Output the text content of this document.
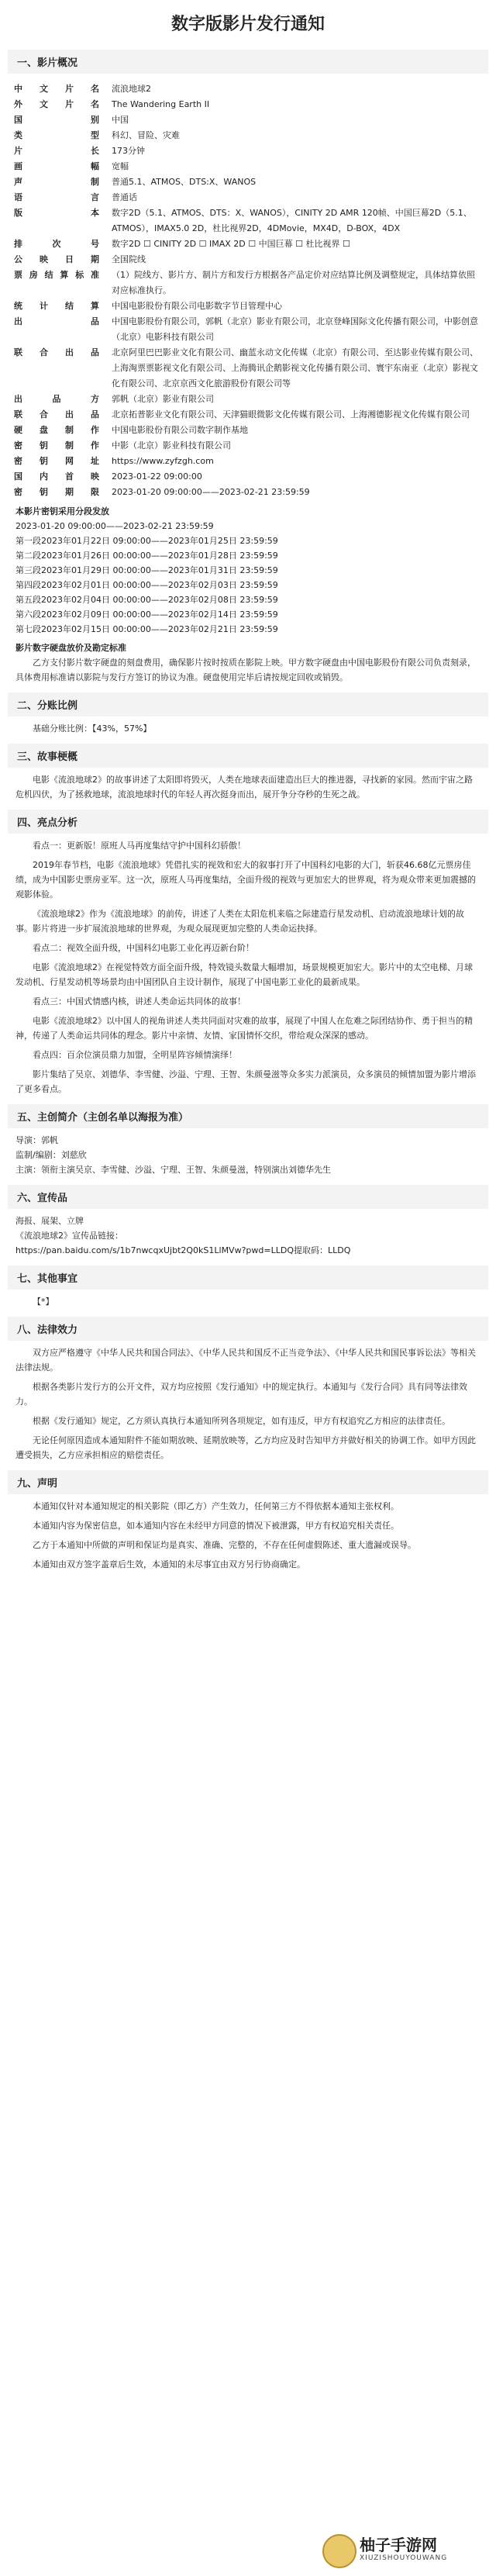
数字版影片发行通知
一、影片概况
中 文 片 名	流浪地球2
外 文 片 名	The Wandering Earth II
国 别	中国
类 型	科幻、冒险、灾难
片 长	173分钟
画 幅	宽幅
声 制	普通5.1、ATMOS、DTS:X、WANOS
语 言	普通话
版 本	数字2D（5.1、ATMOS、DTS：X、WANOS），CINITY 2D AMR 120帧、中国巨幕2D（5.1、ATMOS），IMAX5.0 2D，杜比视界2D，4DMovie，MX4D，D-BOX，4DX
排 次 号	数字2D ☐ CINITY 2D ☐ IMAX 2D ☐ 中国巨幕 ☐ 杜比视界 ☐
公 映 日 期	全国院线
票房结算标准	（1）院线方、影片方、制片方和发行方根据各产品定价对应结算比例及调整规定，具体结算依照对应标准执行。
统 计 结 算	中国电影股份有限公司电影数字节目管理中心
出 品	中国电影股份有限公司，郭帆（北京）影业有限公司，北京登峰国际文化传播有限公司，中影创意（北京）电影科技有限公司
联 合 出 品	北京阿里巴巴影业文化有限公司、幽蓝永动文化传媒（北京）有限公司、至达影业传媒有限公司、上海淘票票影视文化有限公司、上海腾讯企鹅影视文化传播有限公司、寰宇东南亚（北京）影视文化有限公司、北京京西文化旅游股份有限公司等
出 品 方	郭帆（北京）影业有限公司
联 合 出 品	北京拓普影业文化有限公司、天津猫眼微影文化传媒有限公司、上海湘德影视文化传媒有限公司
硬 盘 制 作	中国电影股份有限公司数字制作基地
密 钥 制 作	中影（北京）影业科技有限公司
密 钥 网 址	https://www.zyfzgh.com
国 内 首 映	2023-01-22 09:00:00
密 钥 期 限	2023-01-20 09:00:00——2023-02-21 23:59:59
本影片密钥采用分段发放
2023-01-20 09:00:00——2023-02-21 23:59:59
第一段2023年01月22日 09:00:00——2023年01月25日 23:59:59
第二段2023年01月26日 00:00:00——2023年01月28日 23:59:59
第三段2023年01月29日 00:00:00——2023年01月31日 23:59:59
第四段2023年02月01日 00:00:00——2023年02月03日 23:59:59
第五段2023年02月04日 00:00:00——2023年02月08日 23:59:59
第六段2023年02月09日 00:00:00——2023年02月14日 23:59:59
第七段2023年02月15日 00:00:00——2023年02月21日 23:59:59
影片数字硬盘放价及勘定标准

乙方支付影片数字硬盘的刻盘费用，确保影片按时按质在影院上映。甲方数字硬盘由中国电影股份有限公司负责刻录，具体费用标准请以影院与发行方签订的协议为准。硬盘使用完毕后请按规定回收或销毁。

二、分账比例

基础分账比例：【43%，57%】

三、故事梗概

电影《流浪地球2》的故事讲述了太阳即将毁灭，人类在地球表面建造出巨大的推进器，寻找新的家园。然而宇宙之路危机四伏，为了拯救地球，流浪地球时代的年轻人再次挺身而出，展开争分夺秒的生死之战。

四、亮点分析

看点一：更新版！原班人马再度集结守护中国科幻骄傲！

2019年春节档，电影《流浪地球》凭借扎实的视效和宏大的叙事打开了中国科幻电影的大门，斩获46.68亿元票房佳绩，成为中国影史票房亚军。这一次，原班人马再度集结，全面升级的视效与更加宏大的世界观，将为观众带来更加震撼的观影体验。

《流浪地球2》作为《流浪地球》的前传，讲述了人类在太阳危机来临之际建造行星发动机、启动流浪地球计划的故事。影片将进一步扩展流浪地球的世界观，为观众展现更加完整的人类命运抉择。

看点二：视效全面升级，中国科幻电影工业化再迈新台阶！

电影《流浪地球2》在视觉特效方面全面升级，特效镜头数量大幅增加，场景规模更加宏大。影片中的太空电梯、月球发动机、行星发动机等场景均由中国团队自主设计制作，展现了中国电影工业化的最新成果。

看点三：中国式情感内核，讲述人类命运共同体的故事！

电影《流浪地球2》以中国人的视角讲述人类共同面对灾难的故事，展现了中国人在危难之际团结协作、勇于担当的精神，传递了人类命运共同体的理念。影片中亲情、友情、家国情怀交织，带给观众深深的感动。

看点四：百余位演员鼎力加盟，全明星阵容倾情演绎！

影片集结了吴京、刘德华、李雪健、沙溢、宁理、王智、朱颜曼滋等众多实力派演员，众多演员的倾情加盟为影片增添了更多看点。

五、主创简介（主创名单以海报为准）
导演：郭帆
监制/编剧：刘慈欣
主演：领衔主演吴京、李雪健、沙溢、宁理、王智、朱颜曼滋，特别演出刘德华先生
六、宣传品
海报、展架、立牌
《流浪地球2》宣传品链接：
https://pan.baidu.com/s/1b7nwcqxUjbt2Q0kS1LlMVw?pwd=LLDQ提取码：LLDQ
七、其他事宜

【*】

八、法律效力

双方应严格遵守《中华人民共和国合同法》、《中华人民共和国反不正当竞争法》、《中华人民共和国民事诉讼法》等相关法律法规。

根据各类影片发行方的公开文件，双方均应按照《发行通知》中的规定执行。本通知与《发行合同》具有同等法律效力。

根据《发行通知》规定，乙方须认真执行本通知所列各项规定，如有违反，甲方有权追究乙方相应的法律责任。

无论任何原因造成本通知附件不能如期放映、延期放映等，乙方均应及时告知甲方并做好相关的协调工作。如甲方因此遭受损失，乙方应承担相应的赔偿责任。

九、声明

本通知仅针对本通知规定的相关影院（即乙方）产生效力，任何第三方不得依据本通知主张权利。

本通知内容为保密信息，如本通知内容在未经甲方同意的情况下被泄露，甲方有权追究相关责任。

乙方于本通知中所做的声明和保证均是真实、准确、完整的，不存在任何虚假陈述、重大遗漏或误导。

本通知由双方签字盖章后生效，本通知的未尽事宜由双方另行协商确定。

柚子手游网
XIUZISHOUYOUWANG
